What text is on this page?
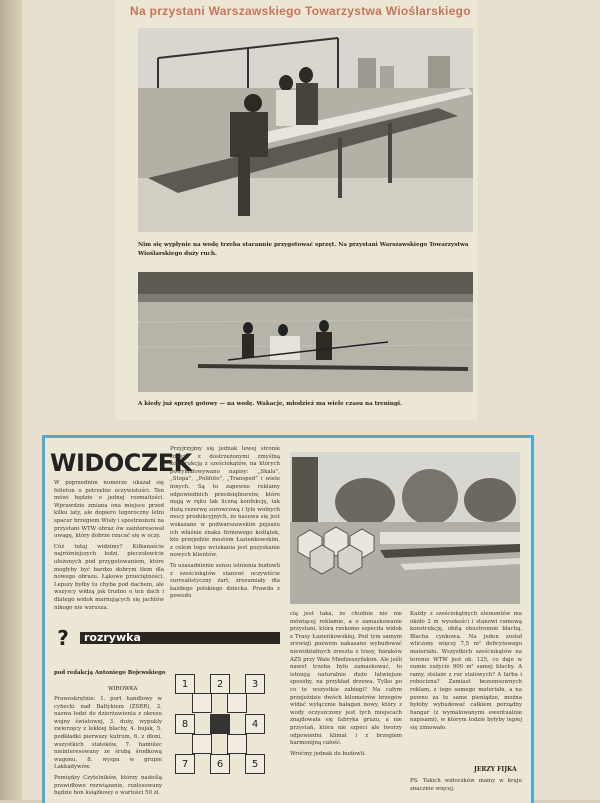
Na przystani Warszawskiego Towarzystwa Wioślarskiego
Nim się wypłynie na wodę trzeba starannie przygotować sprzęt. Na przystani Warszawskiego Towarzystwa Wioślarskiego duży ruch.
A kiedy już sprzęt gotowy — na wodę. Wakacje, młodzież ma wiele czasu na treningi.
WIDOCZEK

W poprzednim numerze ukazał się felieton o potrzebie oczywistości. Ten mówi będzie o jednej rozmaitości. Wprawdzie zmiana ona miejsce przed kilku laty, ale dopiero tegoroczny letni spacer brzegiem Wisły i spostrzeżeni na przystani WTW obraz ów zainteresował uwagę, który dobrze rzucać się w oczy.

Cóż tutaj widzimy? Kilkanaście najróżniejszych łodzi, pieczołowicie ułożonych pod przygotowaniem, które mogłyby być bardzo dobrym tłem dla nowego obrazu. Łąkowe przeciętności. Lepszy byłby tu chyba pod dachem, ale wszyscy widzą jak trudno o ten dach i dlatego widok marnujących się jachtów nikogo nie wzrusza.

Przyjrzyjmy się jednak lewej stronie zdjęcia z dostrzeżonymi zmyślną konstrukcją z sześciokątów, na których powymalowywano napisy: „Skala”, „Stopa”, „Polifoto”, „Transped” i wiele innych. Są to zapewne reklamy odpowiednich przedsiębiorstw, które mają w ręku tak liczną konfekcję, tak dużą rezerwę surowcową i tyle wolnych mocy produkcyjnych, że nasuwa się jest wskazane w podwarszawskim pejzażu ich właśnie znaku firmowego koźlątek, kto przejedzie mostem Łazienkowskim, z celem tego wciskania jest pozyskanie nowych klientów.

To uzasadnienie sensu istnienia budowli z sześciokątów stanowi oczywiście surrealistyczny żart, zrozumiały dla każdego polskiego dziecka. Prawda z powodu

cią jest taka, że chudnie nie nie mówiącej reklamie, a o zamaskowanie przystani, która rzekomo szpeciła widok z Trasy Łazienkowskiej. Pod tym samym zrewizji pozwem nakazano wybudować niewidzialnych zreszta z trasy, baraków AZS przy Wale Miedzeszyńskim. Ale jeśli nawet trzeba było zamaskować, to istnieją naturalnie dużo łatwiejsze sposoby, na przykład drzewa. Tylko po co te wszystkie zabiegi? Na całym przejeździe dwóch kilometrów brzegów widać wyłącznie bałagan nowy, który z wody oczyszczony jest tych miejscach znajdowała się fabryka gruzu, a nie przystań, która nie szpeci ale tworzy odpowiedni klimat i z brzegiem harmonijną całość.

Wróćmy jednak do budowli.

Każdy z sześciokątnych elementów ma około 2 m wysokości i stanowi ramową konstrukcję, obitą obustronnie blachą. Blacha cynkowa. Na jeden został wliczony więcej 7,5 m² deficytowego materiału. Wszystkich sześciokątów na terenie WTW jest ok. 125, co daje w sumie zużycie 900 m² samej blachy. A ramy, stelaże z rur stalowych? A farba i robocizna? Zamiast bezsensownych reklam, z tego samego materiału, a na pewno za te same pieniądze, można byłoby wybudować całkiem porządny hangar (z wymalowanymi ewentualnie napisami), w którym łodzie byłyby lepiej się zimowało.

JERZY FIJKA
PS. Takich widoczków mamy w kraju znacznie więcej.
?	rozrywka
pod redakcją Antoniego Bojewskiego
WIROWKA

Prawoskrętnie: 1. port handlowy w cybecki nad Bałtykiem (ZSRR), 2. nazwa łodzi do dzierżawienia z okresu wojny światowej, 3. duży, wypukły zwierzęcy z lekkiej blachy, 4. bujak, 5. podkładki pierwszy kutrom, 6. z dłoni, wszystkich stateków, 7. hamulec nieinteresowany ze śrubą środkową wagonu, 8. wyspa w grupie Lakkadywów.

Pomiędzy Czytelników, którzy nadeślą prawidłowe rozwiązanie, rozlosowany będzie bon książkowy o wartości 50 zł.

1	2	3
8	4
7	6	5
